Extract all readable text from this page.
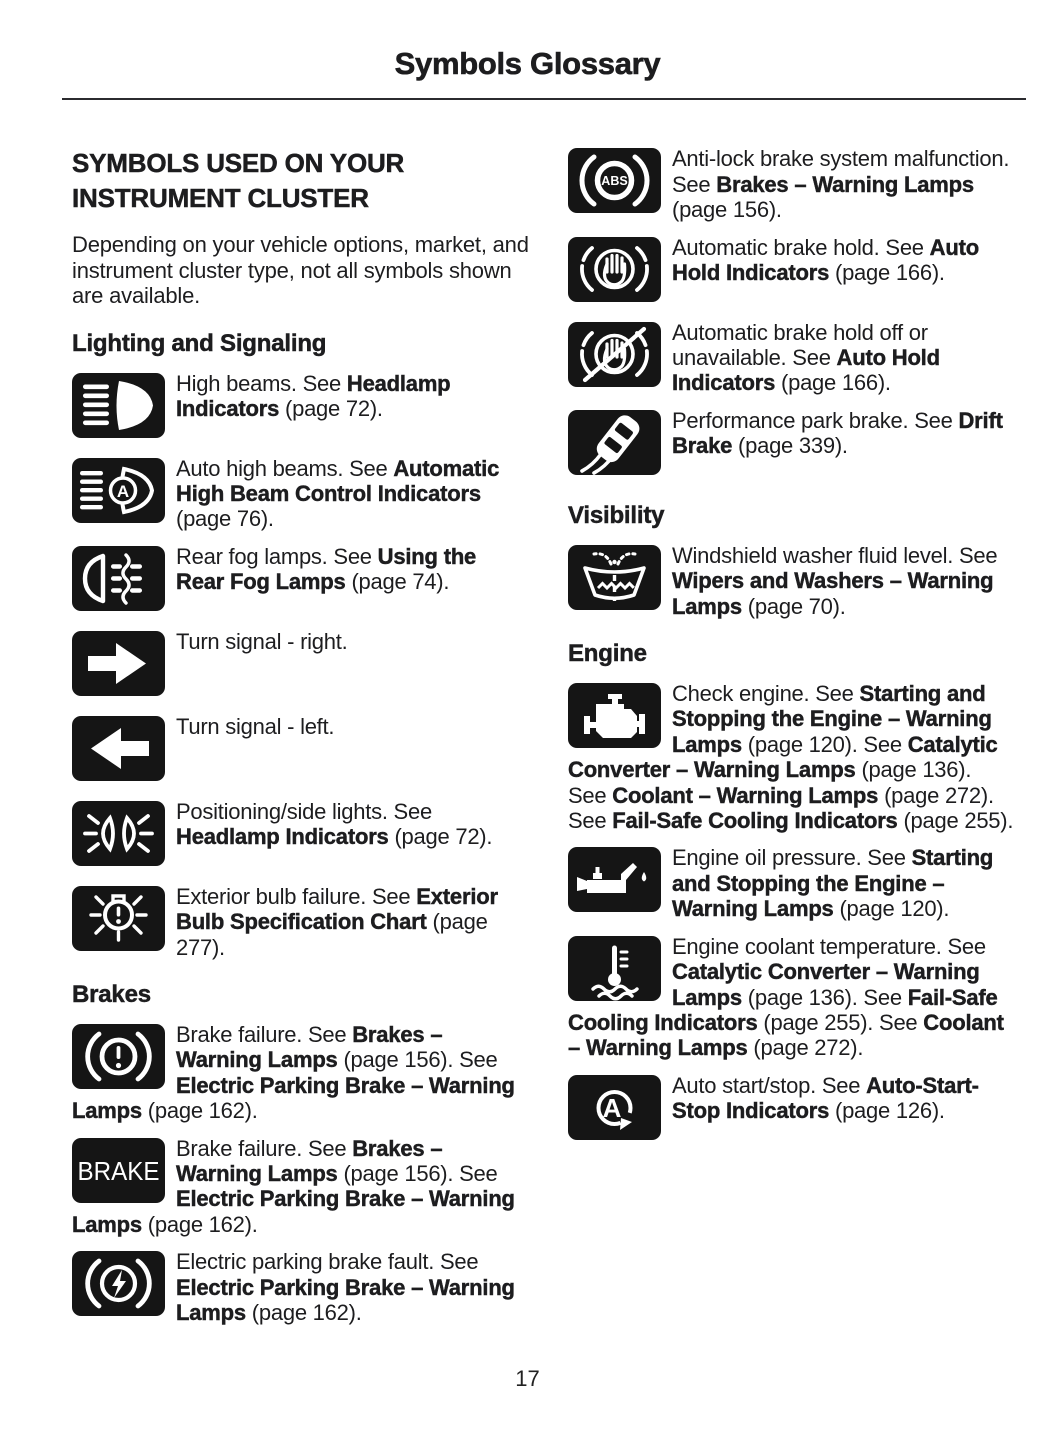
Symbols Glossary
SYMBOLS USED ON YOUR INSTRUMENT CLUSTER

Depending on your vehicle options, market, and instrument cluster type, not all symbols shown are available.

Lighting and Signaling
High beams. See Headlamp Indicators (page 72).
Auto high beams. See Automatic High Beam Control Indicators (page 76).
Rear fog lamps. See Using the Rear Fog Lamps (page 74).
Turn signal - right.
Turn signal - left.
Positioning/side lights. See Headlamp Indicators (page 72).
Exterior bulb failure. See Exterior Bulb Specification Chart (page 277).
Brakes
Brake failure. See Brakes – Warning Lamps (page 156). See Electric Parking Brake – Warning Lamps (page 162).
Brake failure. See Brakes – Warning Lamps (page 156). See Electric Parking Brake – Warning Lamps (page 162).
Electric parking brake fault. See Electric Parking Brake – Warning Lamps (page 162).
Anti-lock brake system malfunction. See Brakes – Warning Lamps (page 156).
Automatic brake hold. See Auto Hold Indicators (page 166).
Automatic brake hold off or unavailable. See Auto Hold Indicators (page 166).
Performance park brake. See Drift Brake (page 339).
Visibility
Windshield washer fluid level. See Wipers and Washers – Warning Lamps (page 70).
Engine
Check engine. See Starting and Stopping the Engine – Warning Lamps (page 120). See Catalytic Converter – Warning Lamps (page 136). See Coolant – Warning Lamps (page 272). See Fail-Safe Cooling Indicators (page 255).
Engine oil pressure. See Starting and Stopping the Engine – Warning Lamps (page 120).
Engine coolant temperature. See Catalytic Converter – Warning Lamps (page 136). See Fail-Safe Cooling Indicators (page 255). See Coolant – Warning Lamps (page 272).
Auto start/stop. See Auto-Start-Stop Indicators (page 126).
17
